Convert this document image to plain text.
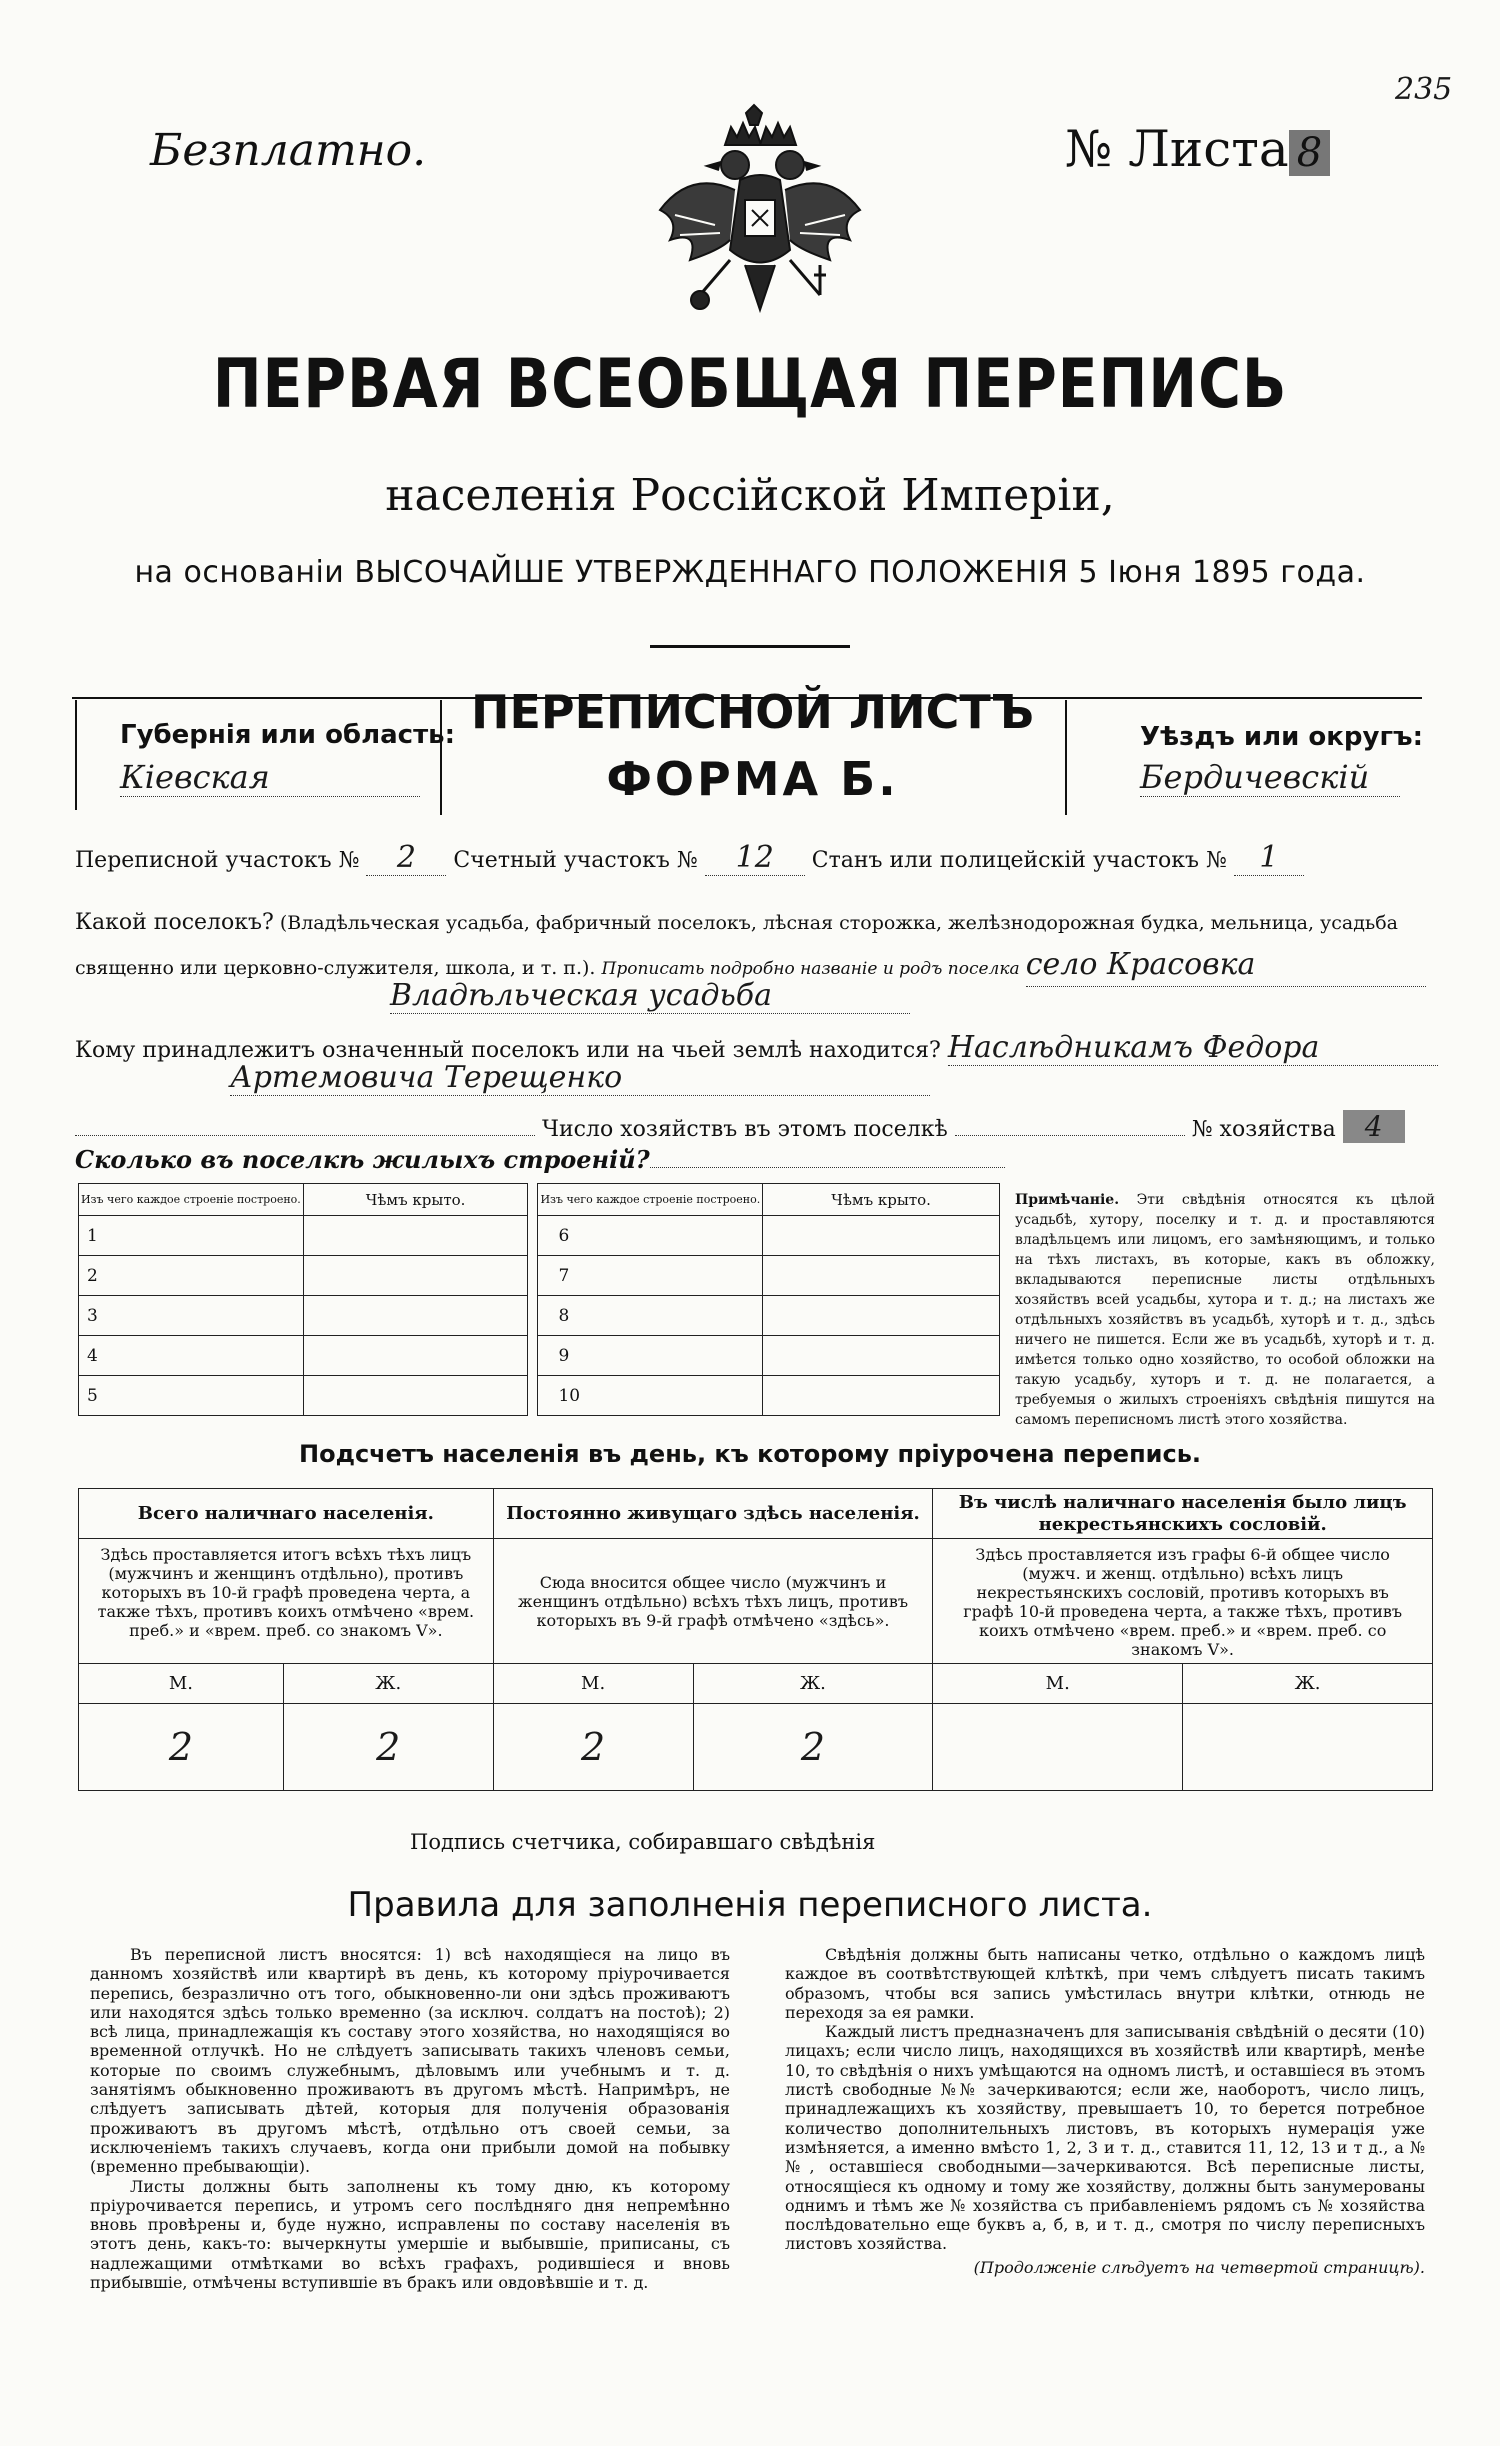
Безплатно.
235
№ Листа 8
ПЕРВАЯ ВСЕОБЩАЯ ПЕРЕПИСЬ
населенія Россійской Имперіи,
на основаніи ВЫСОЧАЙШЕ УТВЕРЖДЕННАГО ПОЛОЖЕНІЯ 5 Іюня 1895 года.
Губернія или область:
Кіевская
ПЕРЕПИСНОЙ ЛИСТЪ
ФОРМА Б.
Уѣздъ или округъ:
Бердичевскій
Переписной участокъ № 2 Счетный участокъ № 12 Станъ или полицейскій участокъ № 1
Какой поселокъ? (Владѣльческая усадьба, фабричный поселокъ, лѣсная сторожка, желѣзнодорожная будка, мельница, усадьба священно или церковно-служителя, школа, и т. п.). Прописать подробно названіе и родъ поселка село Красовка
Владѣльческая усадьба
Кому принадлежитъ означенный поселокъ или на чьей землѣ находится? Наслѣдникамъ Федора
Артемовича Терещенко
Число хозяйствъ въ этомъ поселкѣ	№ хозяйства 4
Сколько въ поселкѣ жилыхъ строеній?
Изъ чего каждое строеніе построено.	Чѣмъ крыто.		Изъ чего каждое строеніе построено.	Чѣмъ крыто.
1			6	
2			7	
3			8	
4			9	
5			10	
Примѣчаніе. Эти свѣдѣнія относятся къ цѣлой усадьбѣ, хутору, поселку и т. д. и проставляются владѣльцемъ или лицомъ, его замѣняющимъ, и только на тѣхъ листахъ, въ которые, какъ въ обложку, вкладываются переписные листы отдѣльныхъ хозяйствъ всей усадьбы, хутора и т. д.; на листахъ же отдѣльныхъ хозяйствъ въ усадьбѣ, хуторѣ и т. д., здѣсь ничего не пишется. Если же въ усадьбѣ, хуторѣ и т. д. имѣется только одно хозяйство, то особой обложки на такую усадьбу, хуторъ и т. д. не полагается, а требуемыя о жилыхъ строеніяхъ свѣдѣнія пишутся на самомъ переписномъ листѣ этого хозяйства.
Подсчетъ населенія въ день, къ которому пріурочена перепись.
Всего наличнаго населенія.		Постоянно живущаго здѣсь населенія.		Въ числѣ наличнаго населенія было лицъ некрестьянскихъ сословій.	
Здѣсь проставляется итогъ всѣхъ тѣхъ лицъ (мужчинъ и женщинъ отдѣльно), противъ которыхъ въ 10-й графѣ проведена черта, а также тѣхъ, противъ коихъ отмѣчено «врем. преб.» и «врем. преб. со знакомъ V».		Сюда вносится общее число (мужчинъ и женщинъ отдѣльно) всѣхъ тѣхъ лицъ, противъ которыхъ въ 9-й графѣ отмѣчено «здѣсь».		Здѣсь проставляется изъ графы 6-й общее число (мужч. и женщ. отдѣльно) всѣхъ лицъ некрестьянскихъ сословій, противъ которыхъ въ графѣ 10-й проведена черта, а также тѣхъ, противъ коихъ отмѣчено «врем. преб.» и «врем. преб. со знакомъ V».	
М.	Ж.	М.	Ж.	М.	Ж.
2	2	2	2		
Подпись счетчика, собиравшаго свѣдѣнія
Правила для заполненія переписного листа.

Въ переписной листъ вносятся: 1) всѣ находящіеся на лицо въ данномъ хозяйствѣ или квартирѣ въ день, къ которому пріурочивается перепись, безразлично отъ того, обыкновенно-ли они здѣсь проживаютъ или находятся здѣсь только временно (за исключ. солдатъ на постоѣ); 2) всѣ лица, принадлежащія къ составу этого хозяйства, но находящіяся во временной отлучкѣ. Но не слѣдуетъ записывать такихъ членовъ семьи, которые по своимъ служебнымъ, дѣловымъ или учебнымъ и т. д. занятіямъ обыкновенно проживаютъ въ другомъ мѣстѣ. Напримѣръ, не слѣдуетъ записывать дѣтей, которыя для полученія образованія проживаютъ въ другомъ мѣстѣ, отдѣльно отъ своей семьи, за исключеніемъ такихъ случаевъ, когда они прибыли домой на побывку (временно пребывающіи).

Листы должны быть заполнены къ тому дню, къ которому пріурочивается перепись, и утромъ сего послѣдняго дня непремѣнно вновь провѣрены и, буде нужно, исправлены по составу населенія въ этотъ день, какъ-то: вычеркнуты умершіе и выбывшіе, приписаны, съ надлежащими отмѣтками во всѣхъ графахъ, родившіеся и вновь прибывшіе, отмѣчены вступившіе въ бракъ или овдовѣвшіе и т. д.

Свѣдѣнія должны быть написаны четко, отдѣльно о каждомъ лицѣ каждое въ соотвѣтствующей клѣткѣ, при чемъ слѣдуетъ писать такимъ образомъ, чтобы вся запись умѣстилась внутри клѣтки, отнюдь не переходя за ея рамки.

Каждый листъ предназначенъ для записыванія свѣдѣній о десяти (10) лицахъ; если число лицъ, находящихся въ хозяйствѣ или квартирѣ, менѣе 10, то свѣдѣнія о нихъ умѣщаются на одномъ листѣ, и оставшіеся въ этомъ листѣ свободные №№ зачеркиваются; если же, наоборотъ, число лицъ, принадлежащихъ къ хозяйству, превышаетъ 10, то берется потребное количество дополнительныхъ листовъ, въ которыхъ нумерація уже измѣняется, а именно вмѣсто 1, 2, 3 и т. д., ставится 11, 12, 13 и т д., а №№, оставшіеся свободными—зачеркиваются. Всѣ переписные листы, относящіеся къ одному и тому же хозяйству, должны быть занумерованы однимъ и тѣмъ же № хозяйства съ прибавленіемъ рядомъ съ № хозяйства послѣдовательно еще буквъ а, б, в, и т. д., смотря по числу переписныхъ листовъ хозяйства.

(Продолженіе слѣдуетъ на четвертой страницѣ).
